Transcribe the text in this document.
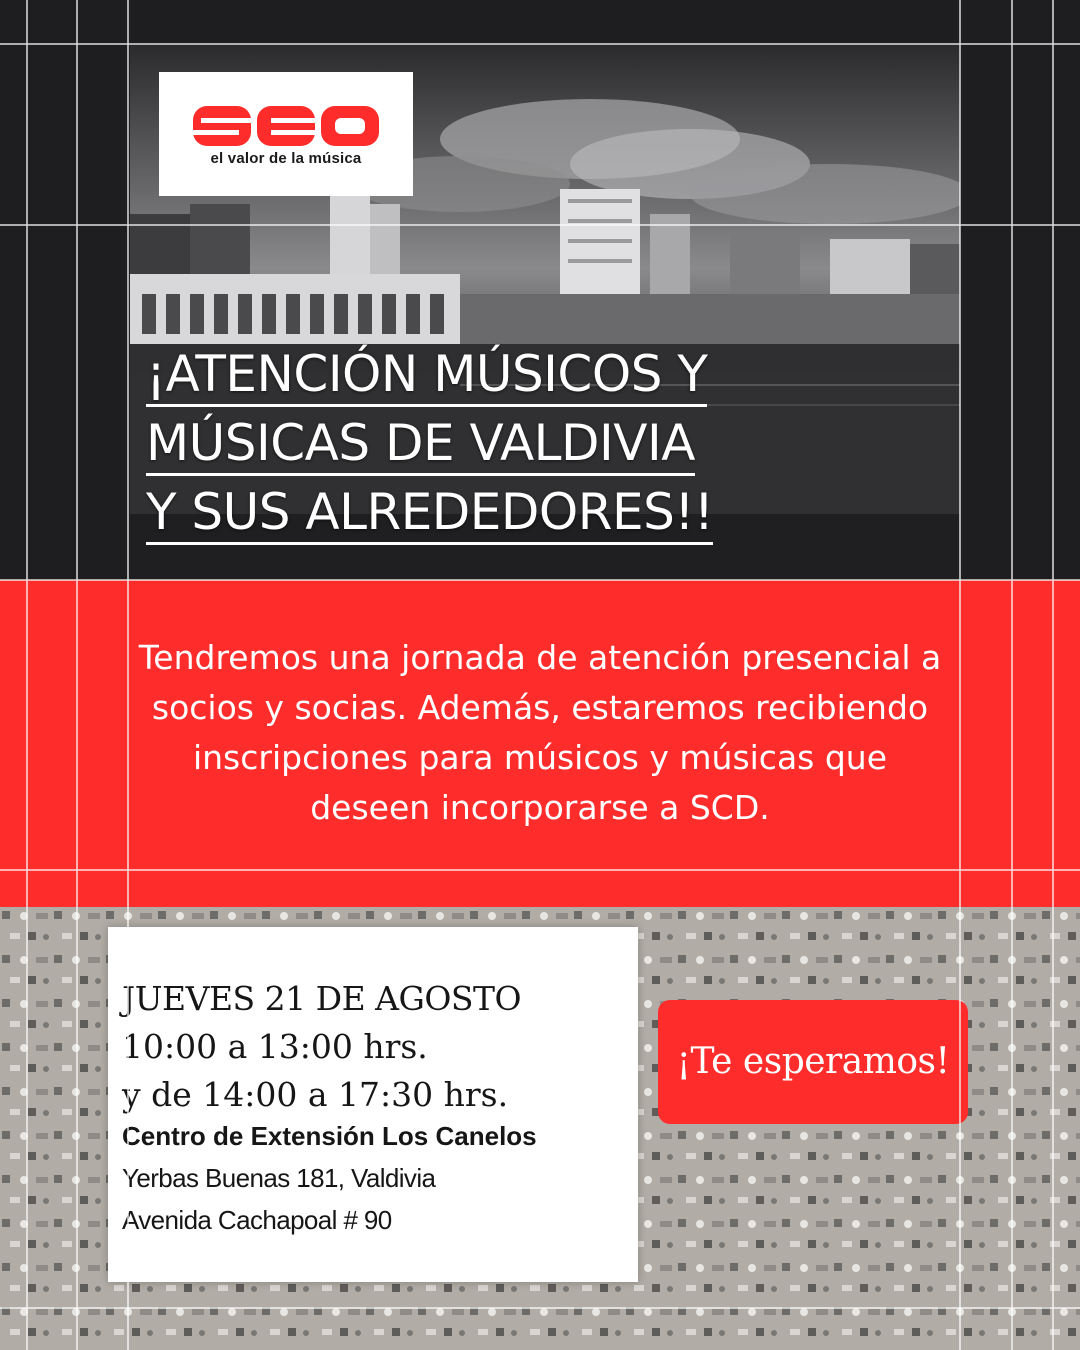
el valor de la música
¡ATENCIÓN MÚSICOS Y
MÚSICAS DE VALDIVIA
Y SUS ALREDEDORES!!
Tendremos una jornada de atención presencial a
socios y socias. Además, estaremos recibiendo
inscripciones para músicos y músicas que
deseen incorporarse a SCD.
JUEVES 21 DE AGOSTO
10:00 a 13:00 hrs.
y de 14:00 a 17:30 hrs.
Centro de Extensión Los Canelos
Yerbas Buenas 181, Valdivia
Avenida Cachapoal # 90
¡Te esperamos!
